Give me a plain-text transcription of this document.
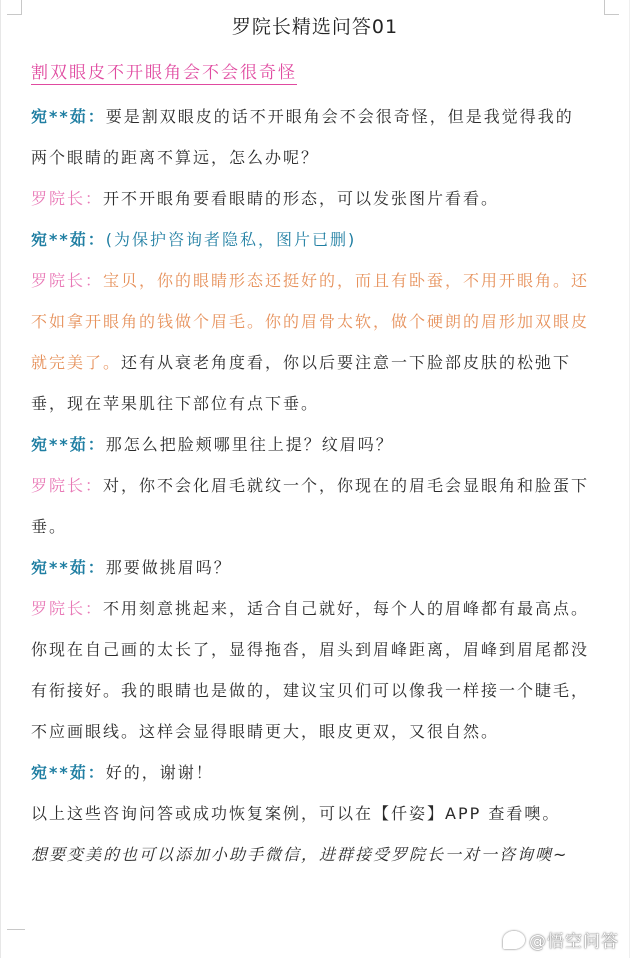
罗院长精选问答01
割双眼皮不开眼角会不会很奇怪

宛**茹：要是割双眼皮的话不开眼角会不会很奇怪，但是我觉得我的两个眼睛的距离不算远，怎么办呢？

罗院长：开不开眼角要看眼睛的形态，可以发张图片看看。

宛**茹：(为保护咨询者隐私，图片已删)

罗院长：宝贝，你的眼睛形态还挺好的，而且有卧蚕，不用开眼角。还不如拿开眼角的钱做个眉毛。你的眉骨太软，做个硬朗的眉形加双眼皮就完美了。还有从衰老角度看，你以后要注意一下脸部皮肤的松弛下垂，现在苹果肌往下部位有点下垂。

宛**茹：那怎么把脸颊哪里往上提？纹眉吗？

罗院长：对，你不会化眉毛就纹一个，你现在的眉毛会显眼角和脸蛋下垂。

宛**茹：那要做挑眉吗？

罗院长：不用刻意挑起来，适合自己就好，每个人的眉峰都有最高点。你现在自己画的太长了，显得拖沓，眉头到眉峰距离，眉峰到眉尾都没有衔接好。我的眼睛也是做的，建议宝贝们可以像我一样接一个睫毛，不应画眼线。这样会显得眼睛更大，眼皮更双，又很自然。

宛**茹：好的，谢谢！

以上这些咨询问答或成功恢复案例，可以在【仟姿】APP 查看噢。

想要变美的也可以添加小助手微信，进群接受罗院长一对一咨询噢~

@悟空问答
